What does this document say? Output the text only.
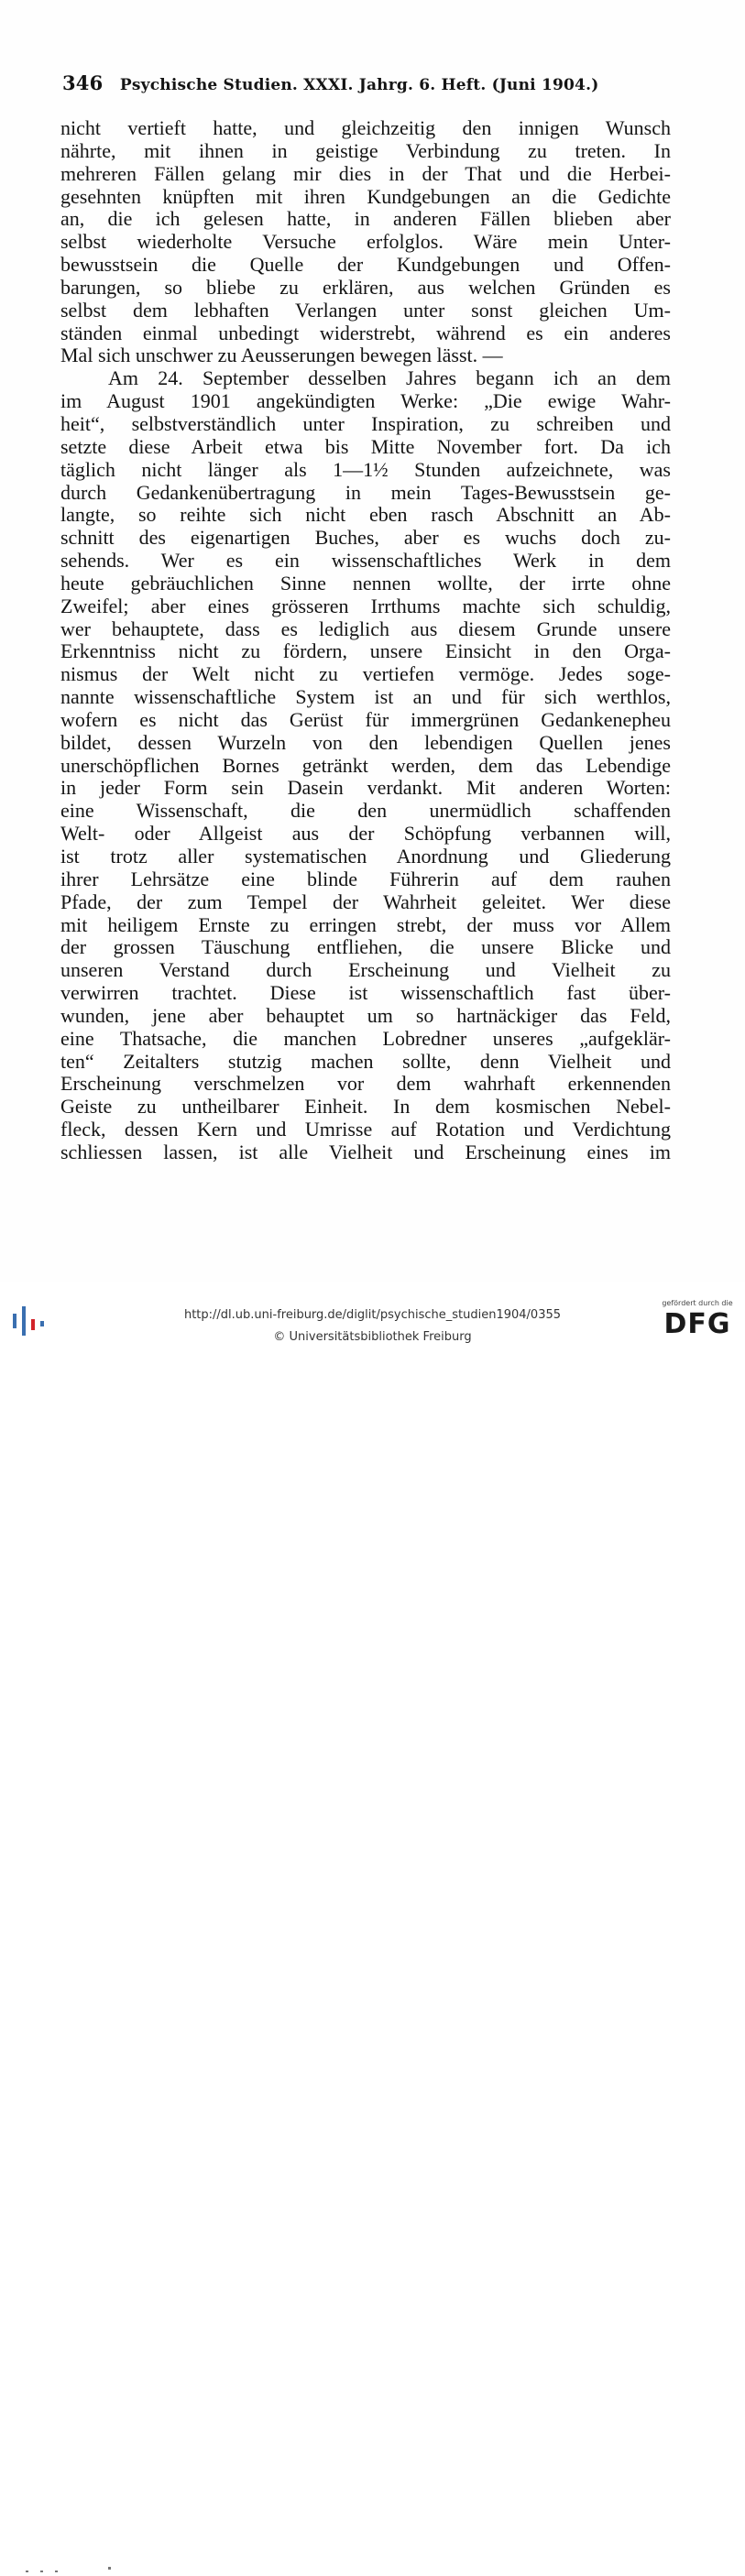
346 Psychische Studien. XXXI. Jahrg. 6. Heft. (Juni 1904.)
nicht vertieft hatte, und gleichzeitig den innigen Wunsch
nährte, mit ihnen in geistige Verbindung zu treten. In
mehreren Fällen gelang mir dies in der That und die Herbei-
gesehnten knüpften mit ihren Kundgebungen an die Gedichte
an, die ich gelesen hatte, in anderen Fällen blieben aber
selbst wiederholte Versuche erfolglos. Wäre mein Unter-
bewusstsein die Quelle der Kundgebungen und Offen-
barungen, so bliebe zu erklären, aus welchen Gründen es
selbst dem lebhaften Verlangen unter sonst gleichen Um-
ständen einmal unbedingt widerstrebt, während es ein anderes
Mal sich unschwer zu Aeusserungen bewegen lässt. —
Am 24. September desselben Jahres begann ich an dem
im August 1901 angekündigten Werke: „Die ewige Wahr-
heit“, selbstverständlich unter Inspiration, zu schreiben und
setzte diese Arbeit etwa bis Mitte November fort. Da ich
täglich nicht länger als 1—1½ Stunden aufzeichnete, was
durch Gedankenübertragung in mein Tages-Bewusstsein ge-
langte, so reihte sich nicht eben rasch Abschnitt an Ab-
schnitt des eigenartigen Buches, aber es wuchs doch zu-
sehends. Wer es ein wissenschaftliches Werk in dem
heute gebräuchlichen Sinne nennen wollte, der irrte ohne
Zweifel; aber eines grösseren Irrthums machte sich schuldig,
wer behauptete, dass es lediglich aus diesem Grunde unsere
Erkenntniss nicht zu fördern, unsere Einsicht in den Orga-
nismus der Welt nicht zu vertiefen vermöge. Jedes soge-
nannte wissenschaftliche System ist an und für sich werthlos,
wofern es nicht das Gerüst für immergrünen Gedankenepheu
bildet, dessen Wurzeln von den lebendigen Quellen jenes
unerschöpflichen Bornes getränkt werden, dem das Lebendige
in jeder Form sein Dasein verdankt. Mit anderen Worten:
eine Wissenschaft, die den unermüdlich schaffenden
Welt- oder Allgeist aus der Schöpfung verbannen will,
ist trotz aller systematischen Anordnung und Gliederung
ihrer Lehrsätze eine blinde Führerin auf dem rauhen
Pfade, der zum Tempel der Wahrheit geleitet. Wer diese
mit heiligem Ernste zu erringen strebt, der muss vor Allem
der grossen Täuschung entfliehen, die unsere Blicke und
unseren Verstand durch Erscheinung und Vielheit zu
verwirren trachtet. Diese ist wissenschaftlich fast über-
wunden, jene aber behauptet um so hartnäckiger das Feld,
eine Thatsache, die manchen Lobredner unseres „aufgeklär-
ten“ Zeitalters stutzig machen sollte, denn Vielheit und
Erscheinung verschmelzen vor dem wahrhaft erkennenden
Geiste zu untheilbarer Einheit. In dem kosmischen Nebel-
fleck, dessen Kern und Umrisse auf Rotation und Verdichtung
schliessen lassen, ist alle Vielheit und Erscheinung eines im
http://dl.ub.uni-freiburg.de/diglit/psychische_studien1904/0355
© Universitätsbibliothek Freiburg
gefördert durch die
DFG
